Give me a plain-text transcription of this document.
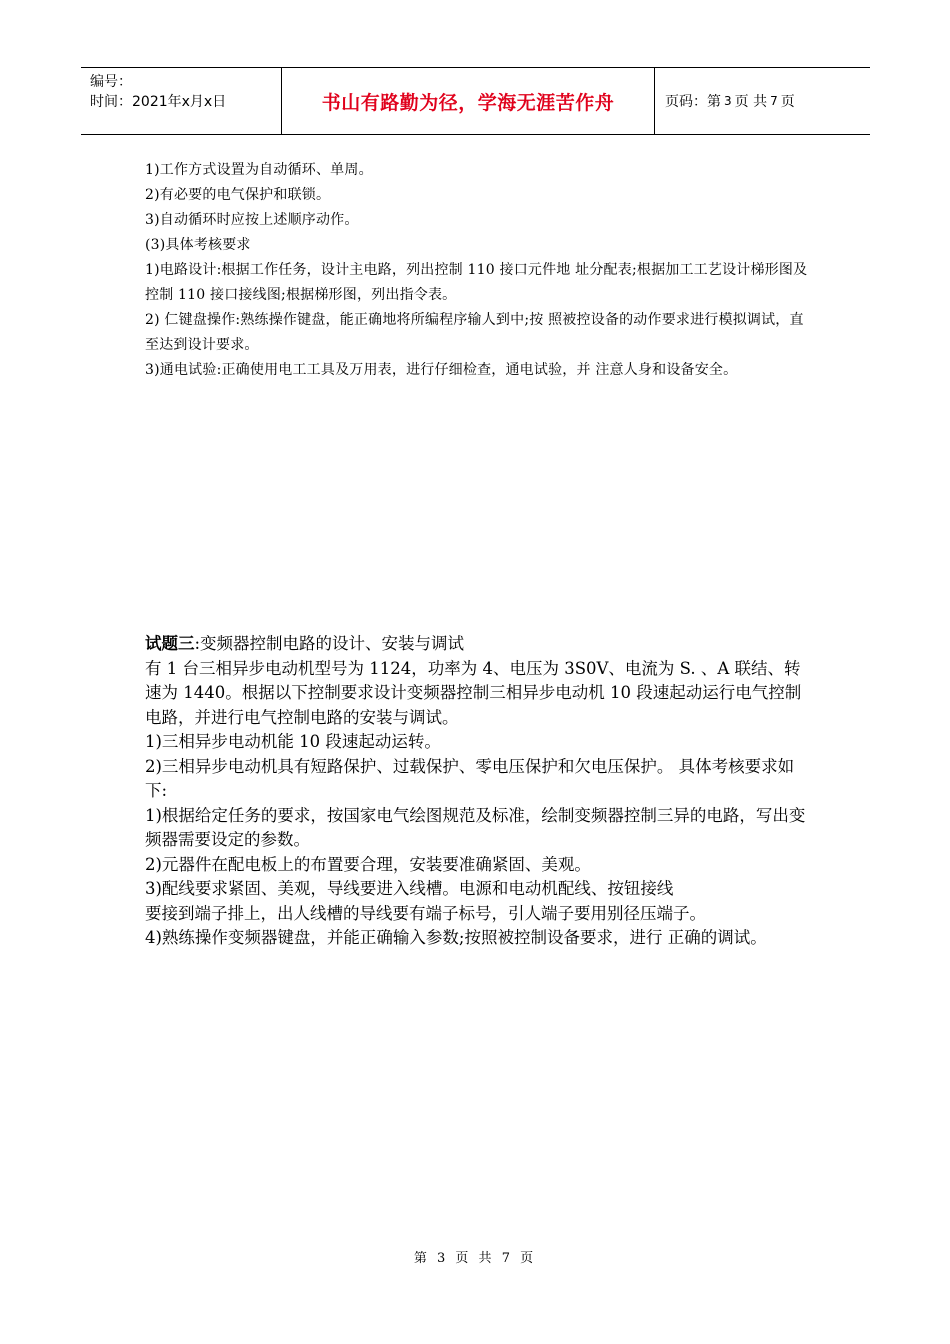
编号：
时间：2021年x月x日	书山有路勤为径，学海无涯苦作舟	页码：第 3 页 共 7 页

1)工作方式设置为自动循环、单周。

2)有必要的电气保护和联锁。

3)自动循环时应按上述顺序动作。

(3)具体考核要求

1)电路设计:根据工作任务，设计主电路，列出控制 110 接口元件地 址分配表;根据加工工艺设计梯形图及控制 110 接口接线图;根据梯形图，列出指令表。

2) 仁键盘操作:熟练操作键盘，能正确地将所编程序输人到中;按 照被控设备的动作要求进行模拟调试，直至达到设计要求。

3)通电试验:正确使用电工工具及万用表，进行仔细检查，通电试验，并 注意人身和设备安全。

试题三:变频器控制电路的设计、安装与调试

有 1 台三相异步电动机型号为 1124，功率为 4、电压为 3S0V、电流为 S. 、A 联结、转速为 1440。根据以下控制要求设计变频器控制三相异步电动机 10 段速起动运行电气控制电路，并进行电气控制电路的安装与调试。

1)三相异步电动机能 10 段速起动运转。

2)三相异步电动机具有短路保护、过载保护、零电压保护和欠电压保护。 具体考核要求如下:

1)根据给定任务的要求，按国家电气绘图规范及标准，绘制变频器控制三异的电路，写出变频器需要设定的参数。

2)元器件在配电板上的布置要合理，安装要准确紧固、美观。

3)配线要求紧固、美观，导线要进入线槽。电源和电动机配线、按钮接线

要接到端子排上，出人线槽的导线要有端子标号，引人端子要用别径压端子。

4)熟练操作变频器键盘，并能正确输入参数;按照被控制设备要求，进行 正确的调试。

第 3 页 共 7 页
